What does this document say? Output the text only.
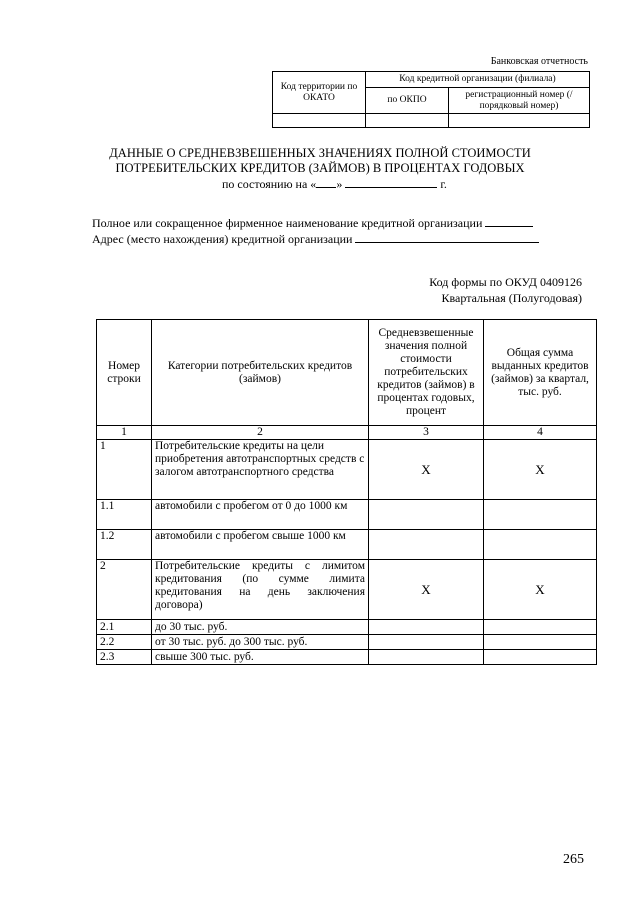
Банковская отчетность
Код территории по ОКАТО	Код кредитной организации (филиала)	
	по ОКПО	регистрационный номер (/порядковый номер)

ДАННЫЕ О СРЕДНЕВЗВЕШЕННЫХ ЗНАЧЕНИЯХ ПОЛНОЙ СТОИМОСТИ
ПОТРЕБИТЕЛЬСКИХ КРЕДИТОВ (ЗАЙМОВ) В ПРОЦЕНТАХ ГОДОВЫХ
по состоянию на « »	г.
Полное или сокращенное фирменное наименование кредитной организации
Адрес (место нахождения) кредитной организации
Код формы по ОКУД 0409126
Квартальная (Полугодовая)
Номер строки	Категории потребительских кредитов (займов)	Средневзвешенные значения полной стоимости потребительских кредитов (займов) в процентах годовых, процент	Общая сумма выданных кредитов (займов) за квартал, тыс. руб.
1	2	3	4
1	Потребительские кредиты на цели приобретения автотранспортных средств с залогом автотранспортного средства	X	X
1.1	автомобили с пробегом от 0 до 1000 км		
1.2	автомобили с пробегом свыше 1000 км		
2	Потребительские кредиты с лимитом кредитования (по сумме лимита кредитования на день заключения договора)	X	X
2.1	до 30 тыс. руб.		
2.2	от 30 тыс. руб. до 300 тыс. руб.		
2.3	свыше 300 тыс. руб.		
265
